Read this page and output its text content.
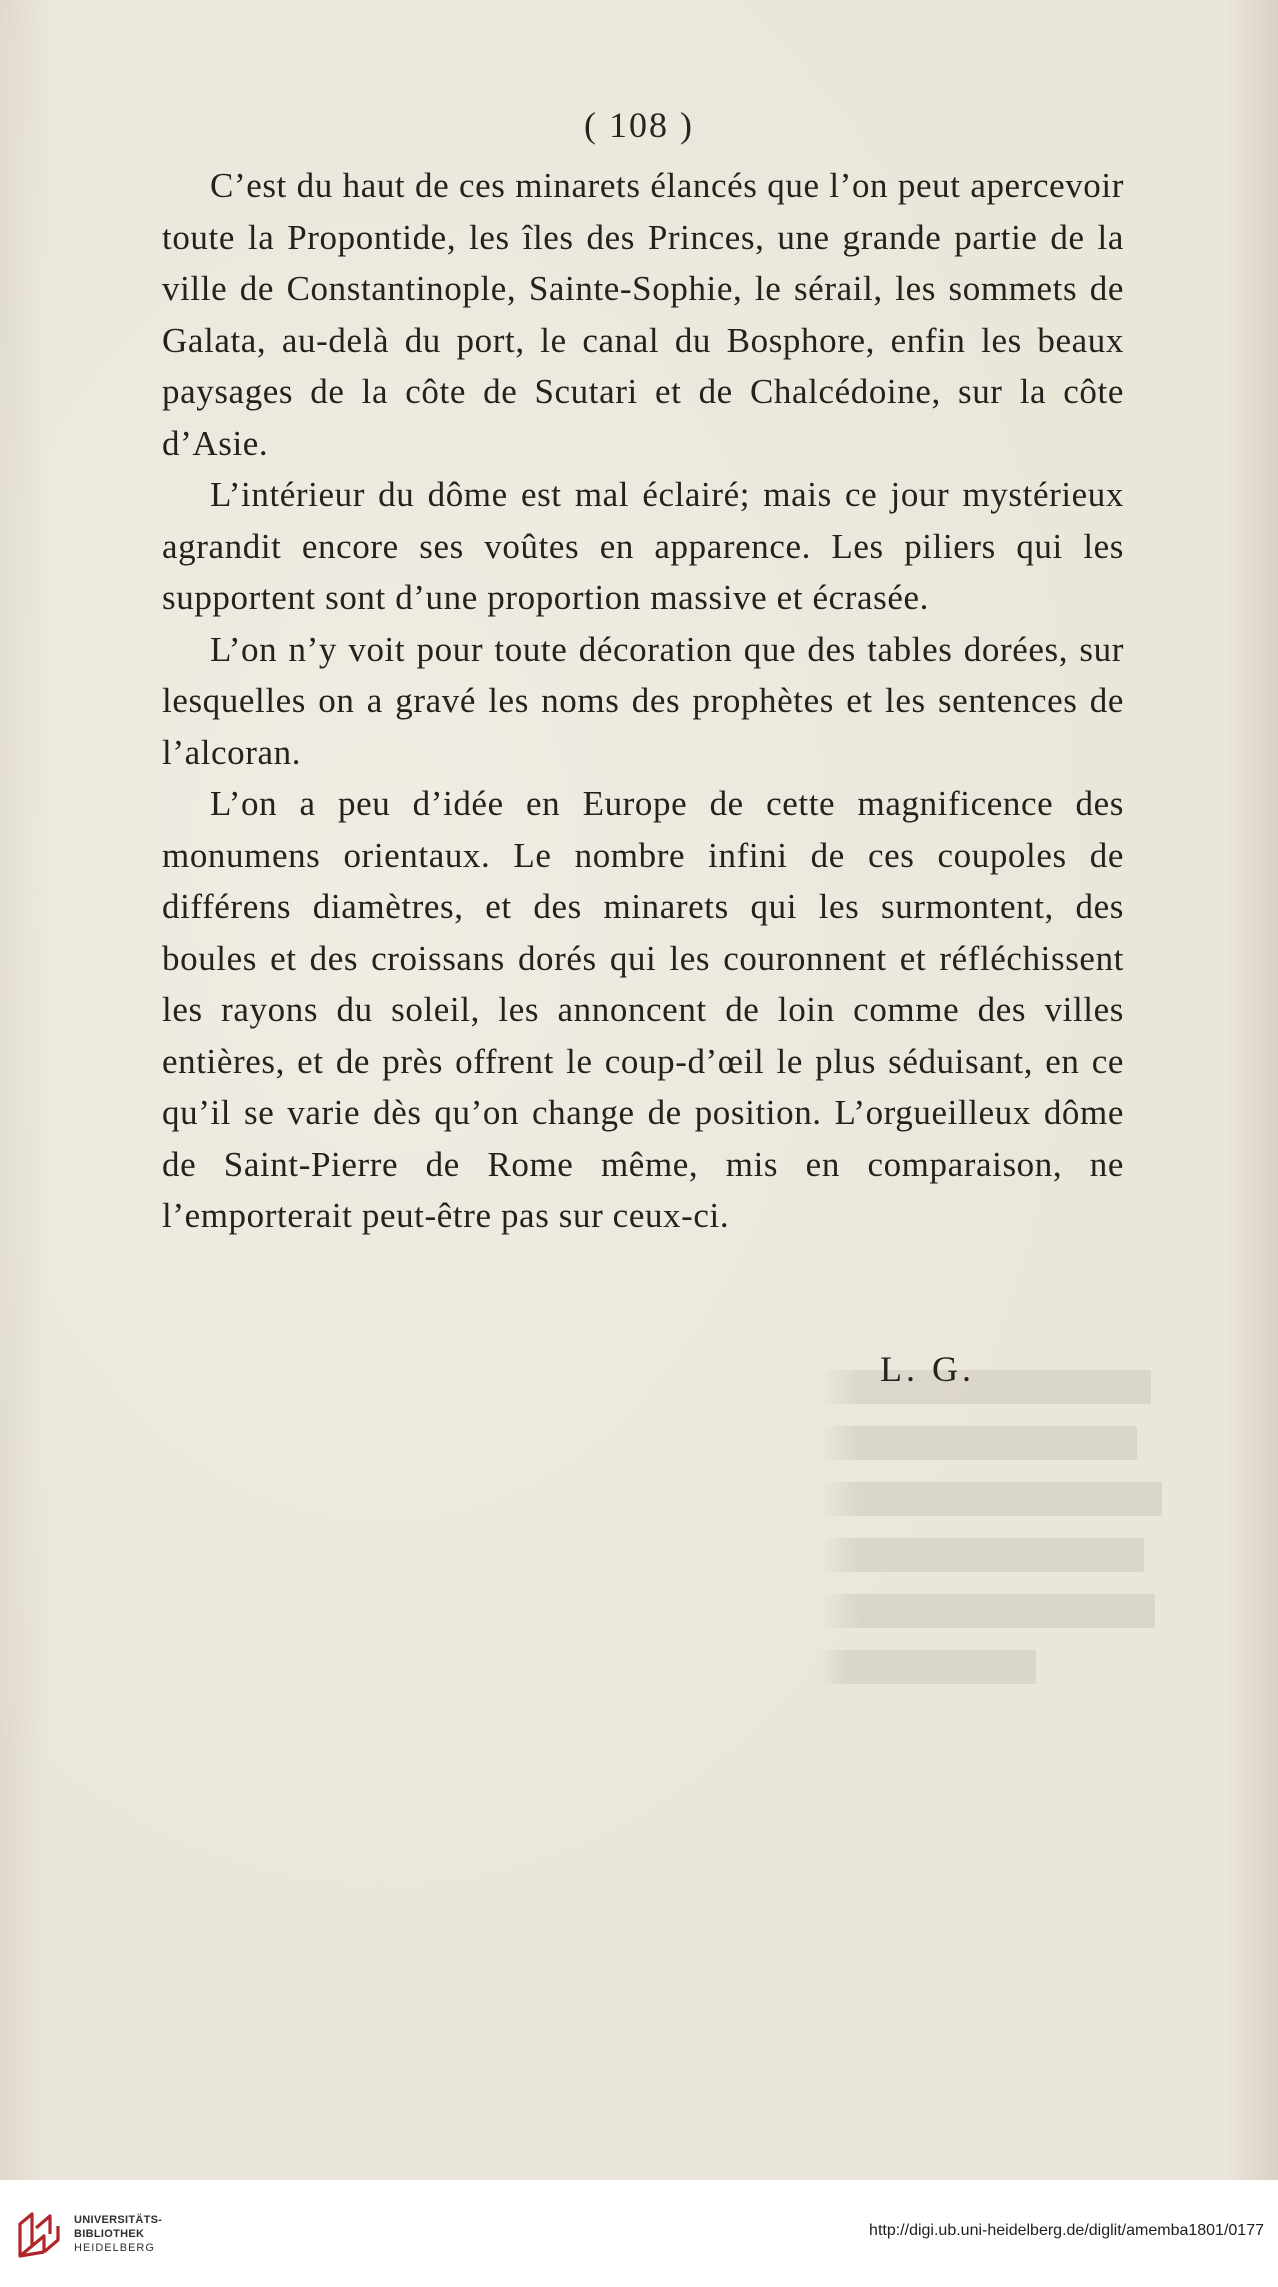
( 108 )

C’est du haut de ces minarets élancés que l’on peut apercevoir toute la Propontide, les îles des Princes, une grande partie de la ville de Constantinople, Sainte-Sophie, le sérail, les sommets de Galata, au-delà du port, le canal du Bosphore, enfin les beaux paysages de la côte de Scutari et de Chalcédoine, sur la côte d’Asie.

L’intérieur du dôme est mal éclairé; mais ce jour mystérieux agrandit encore ses voûtes en apparence. Les piliers qui les supportent sont d’une proportion massive et écrasée.

L’on n’y voit pour toute décoration que des tables dorées, sur lesquelles on a gravé les noms des prophètes et les sentences de l’alcoran.

L’on a peu d’idée en Europe de cette magnificence des monumens orientaux. Le nombre infini de ces coupoles de différens diamètres, et des minarets qui les surmontent, des boules et des croissans dorés qui les couronnent et réfléchissent les rayons du soleil, les annoncent de loin comme des villes entières, et de près offrent le coup-d’œil le plus séduisant, en ce qu’il se varie dès qu’on change de position. L’orgueilleux dôme de Saint-Pierre de Rome même, mis en comparaison, ne l’emporterait peut-être pas sur ceux-ci.

L. G.
UNIVERSITÄTS-
BIBLIOTHEK
HEIDELBERG
http://digi.ub.uni-heidelberg.de/diglit/amemba1801/0177
